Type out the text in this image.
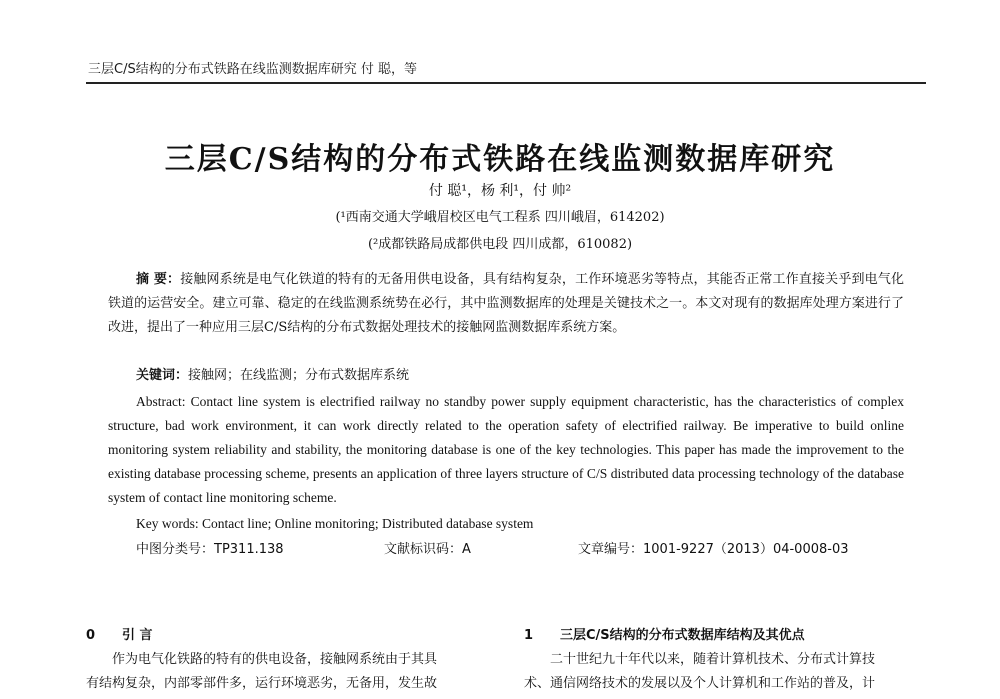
三层C/S结构的分布式铁路在线监测数据库研究 付 聪，等
三层C/S结构的分布式铁路在线监测数据库研究
付 聪¹，杨 利¹，付 帅²
(¹西南交通大学峨眉校区电气工程系 四川峨眉，614202)
(²成都铁路局成都供电段 四川成都，610082)
摘 要：接触网系统是电气化铁道的特有的无备用供电设备，具有结构复杂，工作环境恶劣等特点，其能否正常工作直接关乎到电气化铁道的运营安全。建立可靠、稳定的在线监测系统势在必行，其中监测数据库的处理是关键技术之一。本文对现有的数据库处理方案进行了改进，提出了一种应用三层C/S结构的分布式数据处理技术的接触网监测数据库系统方案。
关键词：接触网；在线监测；分布式数据库系统
Abstract: Contact line system is electrified railway no standby power supply equipment characteristic, has the characteristics of complex structure, bad work environment, it can work directly related to the operation safety of electrified railway. Be imperative to build online monitoring system reliability and stability, the monitoring database is one of the key technologies. This paper has made the improvement to the existing database processing scheme, presents an application of three layers structure of C/S distributed data processing technology of the database system of contact line monitoring scheme.
Key words: Contact line; Online monitoring; Distributed database system
中图分类号：TP311.138	文献标识码：A	文章编号：1001-9227（2013）04-0008-03
0 引 言
作为电气化铁路的特有的供电设备，接触网系统由于其具
有结构复杂，内部零部件多，运行环境恶劣，无备用，发生故
1 三层C/S结构的分布式数据库结构及其优点
二十世纪九十年代以来，随着计算机技术、分布式计算技
术、通信网络技术的发展以及个人计算机和工作站的普及，计
